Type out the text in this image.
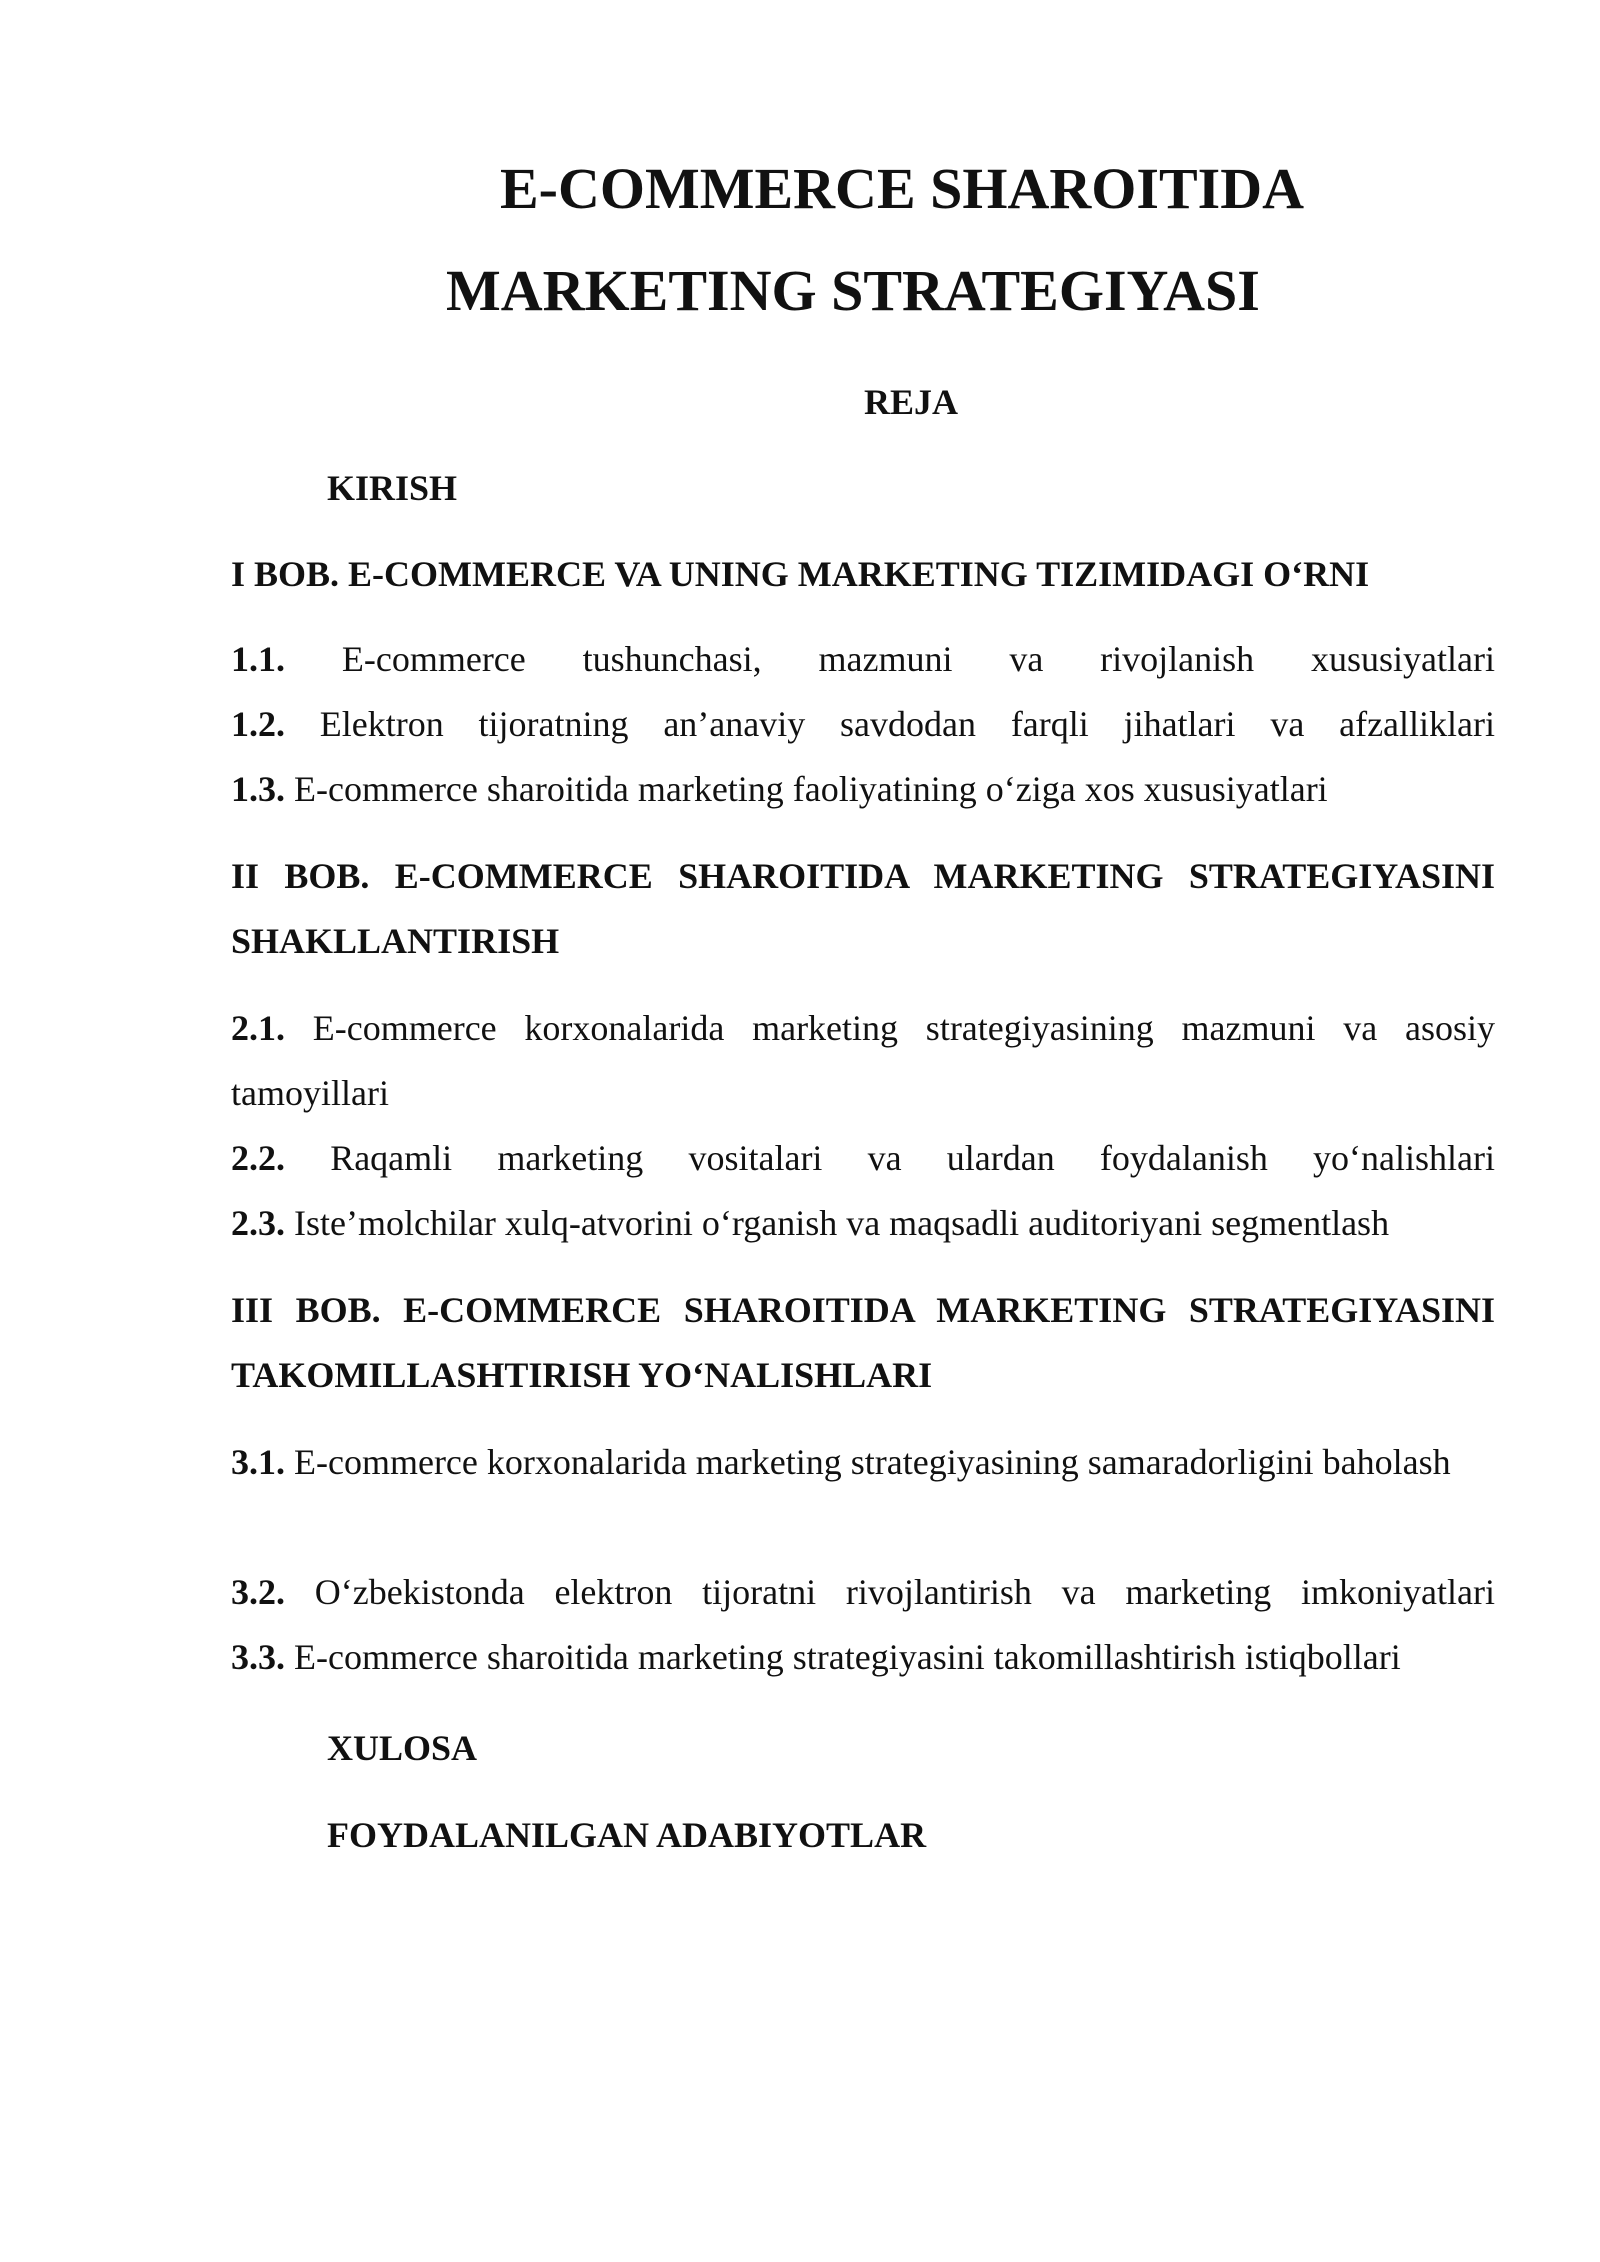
E-COMMERCE SHAROITIDA
MARKETING STRATEGIYASI
REJA
KIRISH
I BOB. E-COMMERCE VA UNING MARKETING TIZIMIDAGI O‘RNI
1.1. E-commerce tushunchasi, mazmuni va rivojlanish xususiyatlari
1.2. Elektron tijoratning an’anaviy savdodan farqli jihatlari va afzalliklari
1.3. E-commerce sharoitida marketing faoliyatining o‘ziga xos xususiyatlari
II BOB. E-COMMERCE SHAROITIDA MARKETING STRATEGIYASINI
SHAKLLANTIRISH
2.1. E-commerce korxonalarida marketing strategiyasining mazmuni va asosiy tamoyillari
2.2. Raqamli marketing vositalari va ulardan foydalanish yo‘nalishlari
2.3. Iste’molchilar xulq-atvorini o‘rganish va maqsadli auditoriyani segmentlash
III BOB. E-COMMERCE SHAROITIDA MARKETING STRATEGIYASINI
TAKOMILLASHTIRISH YO‘NALISHLARI
3.1. E-commerce korxonalarida marketing strategiyasining samaradorligini baholash
3.2. O‘zbekistonda elektron tijoratni rivojlantirish va marketing imkoniyatlari
3.3. E-commerce sharoitida marketing strategiyasini takomillashtirish istiqbollari
XULOSA
FOYDALANILGAN ADABIYOTLAR
